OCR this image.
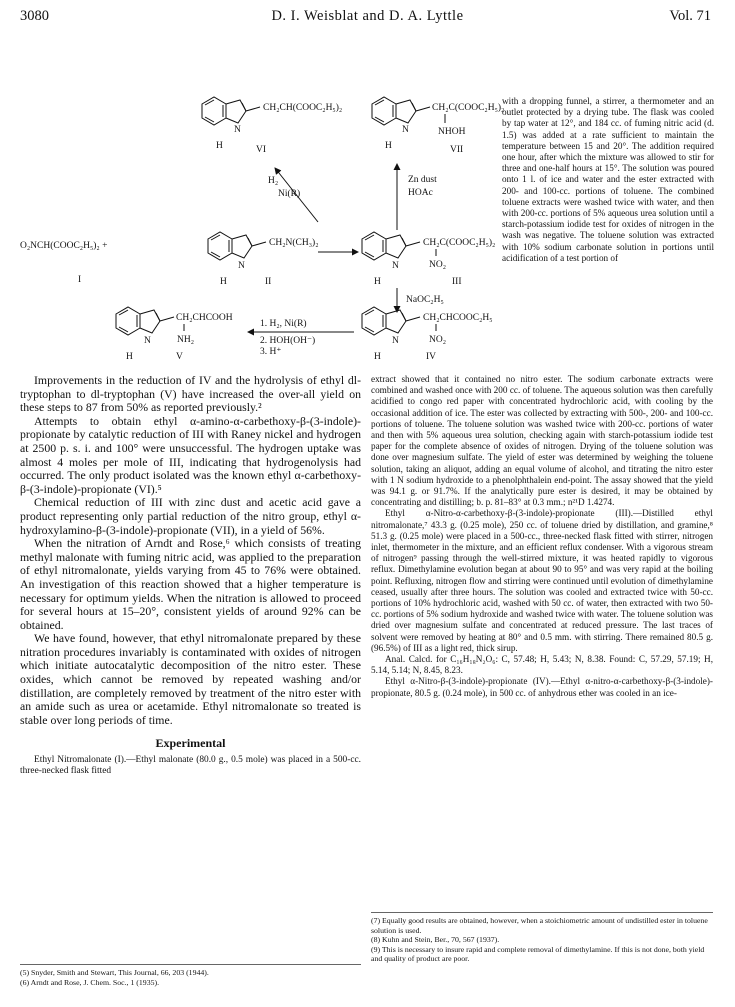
3080	D. I. Weisblat and D. A. Lyttle	Vol. 71
CH₂CH(COOC₂H₅)₂
N
H	VI
CH₂C(COOC₂H₅)₂
NHOH
N
H	VII
H₂
Ni(R)
Zn dust
HOAc
O₂NCH(COOC₂H₅)₂ +
I
CH₂N(CH₃)₂
N
H	II
CH₂C(COOC₂H₅)₂
NO₂
N
H	III
NaOC₂H₅
CH₂CHCOOC₂H₅
NO₂
N
H	IV
1. H₂, Ni(R)
2. HOH(OH⁻)
3. H⁺
CH₂CHCOOH
NH₂
N
H	V

with a dropping funnel, a stirrer, a thermometer and an outlet protected by a drying tube. The flask was cooled by tap water at 12°, and 184 cc. of fuming nitric acid (d. 1.5) was added at a rate sufficient to maintain the temperature between 15 and 20°. The addition required one hour, after which the mixture was allowed to stir for three and one-half hours at 15°. The solution was poured onto 1 l. of ice and water and the ester extracted with 200- and 100-cc. portions of toluene. The combined toluene extracts were washed twice with water, and then with 200-cc. portions of 5% aqueous urea solution until a starch-potassium iodide test for oxides of nitrogen in the wash was negative. The toluene solution was extracted with 10% sodium carbonate solution in portions until acidification of a test portion of

Improvements in the reduction of IV and the hydrolysis of ethyl dl-tryptophan to dl-tryptophan (V) have increased the over-all yield on these steps to 87 from 50% as reported previously.²

Attempts to obtain ethyl α-amino-α-carbethoxy-β-(3-indole)-propionate by catalytic reduction of III with Raney nickel and hydrogen at 2500 p. s. i. and 100° were unsuccessful. The hydrogen uptake was almost 4 moles per mole of III, indicating that hydrogenolysis had occurred. The only product isolated was the known ethyl α-carbethoxy-β-(3-indole)-propionate (VI).⁵

Chemical reduction of III with zinc dust and acetic acid gave a product representing only partial reduction of the nitro group, ethyl α-hydroxylamino-β-(3-indole)-propionate (VII), in a yield of 56%.

When the nitration of Arndt and Rose,⁶ which consists of treating methyl malonate with fuming nitric acid, was applied to the preparation of ethyl nitromalonate, yields varying from 45 to 76% were obtained. An investigation of this reaction showed that a higher temperature is necessary for optimum yields. When the nitration is allowed to proceed for several hours at 15–20°, consistent yields of around 92% can be obtained.

We have found, however, that ethyl nitromalonate prepared by these nitration procedures invariably is contaminated with oxides of nitrogen which initiate autocatalytic decomposition of the nitro ester. These oxides, which cannot be removed by repeated washing and/or distillation, are completely removed by treatment of the nitro ester with an amide such as urea or acetamide. Ethyl nitromalonate so treated is stable over long periods of time.

Experimental

Ethyl Nitromalonate (I).—Ethyl malonate (80.0 g., 0.5 mole) was placed in a 500-cc. three-necked flask fitted

(5) Snyder, Smith and Stewart, This Journal, 66, 203 (1944).
(6) Arndt and Rose, J. Chem. Soc., 1 (1935).

extract showed that it contained no nitro ester. The sodium carbonate extracts were combined and washed once with 200 cc. of toluene. The aqueous solution was then carefully acidified to congo red paper with concentrated hydrochloric acid, with cooling by the occasional addition of ice. The ester was collected by extracting with 500-, 200- and 100-cc. portions of toluene. The toluene solution was washed twice with 200-cc. portions of water and then with 5% aqueous urea solution, checking again with starch-potassium iodide test paper for the complete absence of oxides of nitrogen. Drying of the toluene solution was done over magnesium sulfate. The yield of ester was determined by weighing the toluene solution, taking an aliquot, adding an equal volume of alcohol, and titrating the nitro ester with 1 N sodium hydroxide to a phenolphthalein end-point. The assay showed that the yield was 94.1 g. or 91.7%. If the analytically pure ester is desired, it may be obtained by concentrating and distilling; b. p. 81–83° at 0.3 mm.; n²¹D 1.4274.

Ethyl α-Nitro-α-carbethoxy-β-(3-indole)-propionate (III).—Distilled ethyl nitromalonate,⁷ 43.3 g. (0.25 mole), 250 cc. of toluene dried by distillation, and gramine,⁸ 51.3 g. (0.25 mole) were placed in a 500-cc., three-necked flask fitted with stirrer, nitrogen inlet, thermometer in the mixture, and an efficient reflux condenser. With a vigorous stream of nitrogen⁹ passing through the well-stirred mixture, it was heated rapidly to vigorous reflux. Dimethylamine evolution began at about 90 to 95° and was very rapid at the boiling point. Refluxing, nitrogen flow and stirring were continued until evolution of dimethylamine ceased, usually after three hours. The solution was cooled and extracted twice with 50-cc. portions of 10% hydrochloric acid, washed with 50 cc. of water, then extracted with two 50-cc. portions of 5% sodium hydroxide and washed twice with water. The toluene solution was dried over magnesium sulfate and concentrated at reduced pressure. The last traces of solvent were removed by heating at 80° and 0.5 mm. with stirring. There remained 80.5 g. (96.5%) of III as a light red, thick sirup.

Anal. Calcd. for C₁₆H₁₈N₂O₆: C, 57.48; H, 5.43; N, 8.38. Found: C, 57.29, 57.19; H, 5.14, 5.14; N, 8.45, 8.23.

Ethyl α-Nitro-β-(3-indole)-propionate (IV).—Ethyl α-nitro-α-carbethoxy-β-(3-indole)-propionate, 80.5 g. (0.24 mole), in 500 cc. of anhydrous ether was cooled in an ice-

(7) Equally good results are obtained, however, when a stoichiometric amount of undistilled ester in toluene solution is used.
(8) Kuhn and Stein, Ber., 70, 567 (1937).
(9) This is necessary to insure rapid and complete removal of dimethylamine. If this is not done, both yield and quality of product are poor.
